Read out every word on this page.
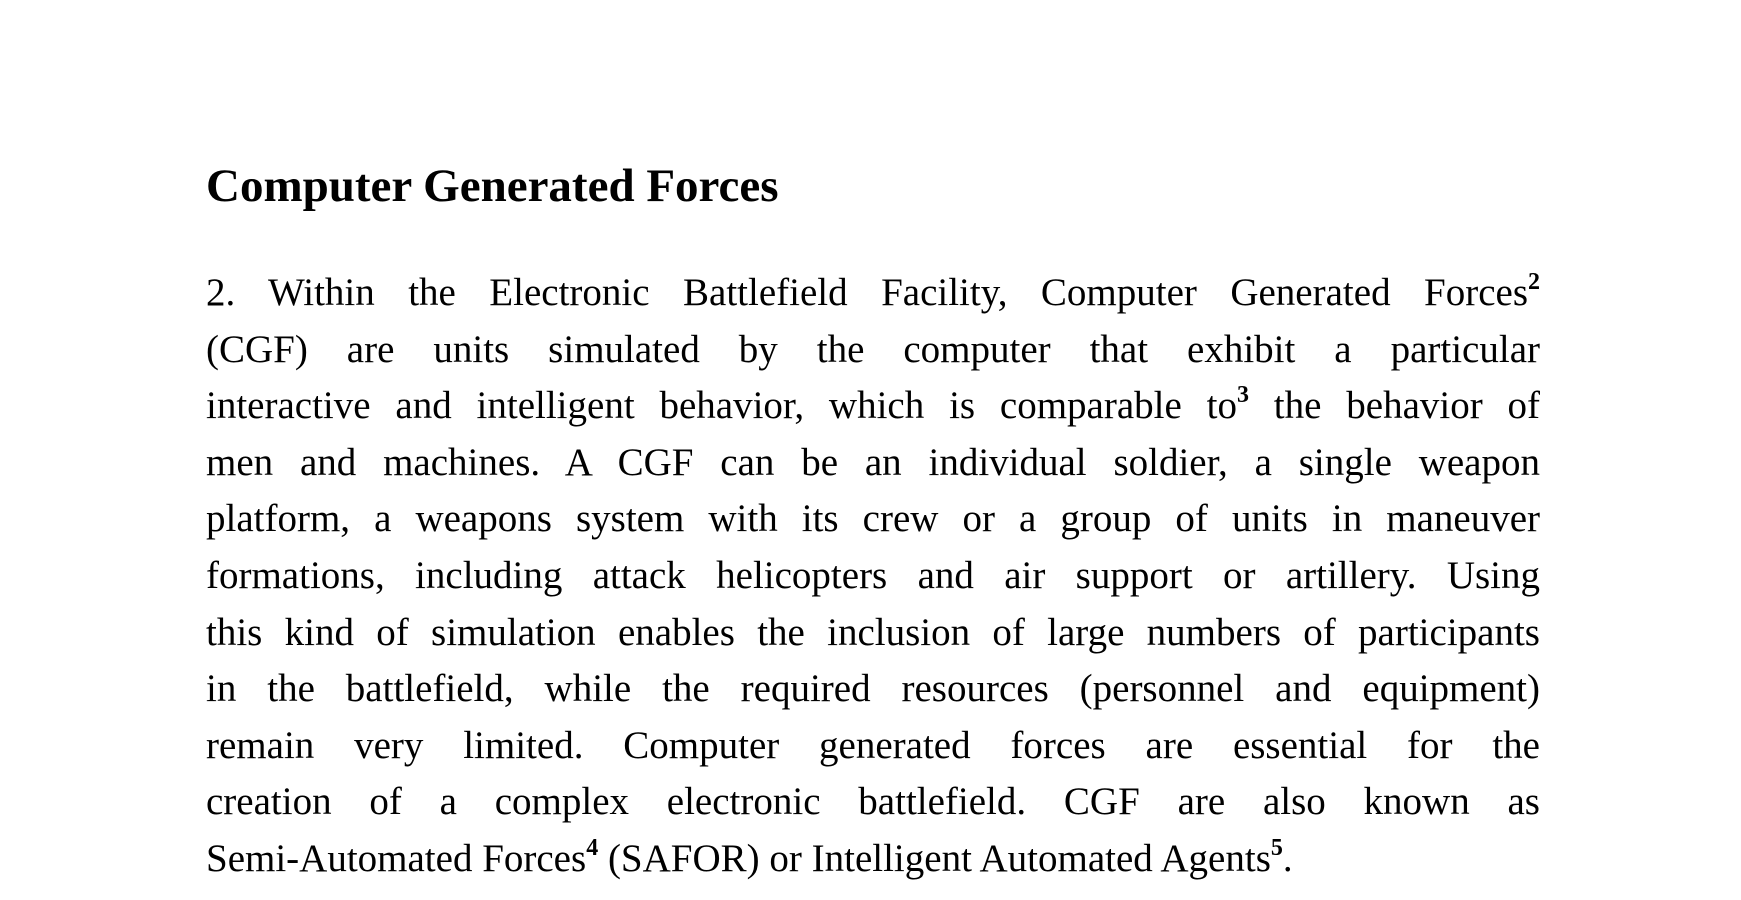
Computer Generated Forces
2. Within the Electronic Battlefield Facility, Computer Generated Forces$^2$
(CGF) are units simulated by the computer that exhibit a particular
interactive and intelligent behavior, which is comparable $to^3$ the behavior of
men and machines. A CGF can be an individual soldier, a single weapon
platform, a weapons system with its crew or a group of units in maneuver
formations, including attack helicopters and air support or artillery. Using
this kind of simulation enables the inclusion of large numbers of participants
in the battlefield, while the required resources (personnel and equipment)
remain very limited. Computer generated forces are essential for the
creation of a complex electronic battlefield. CGF are also known as
Semi-Automated Forces$^4$ (SAFOR) or Intelligent Automated Agents$^5$.
